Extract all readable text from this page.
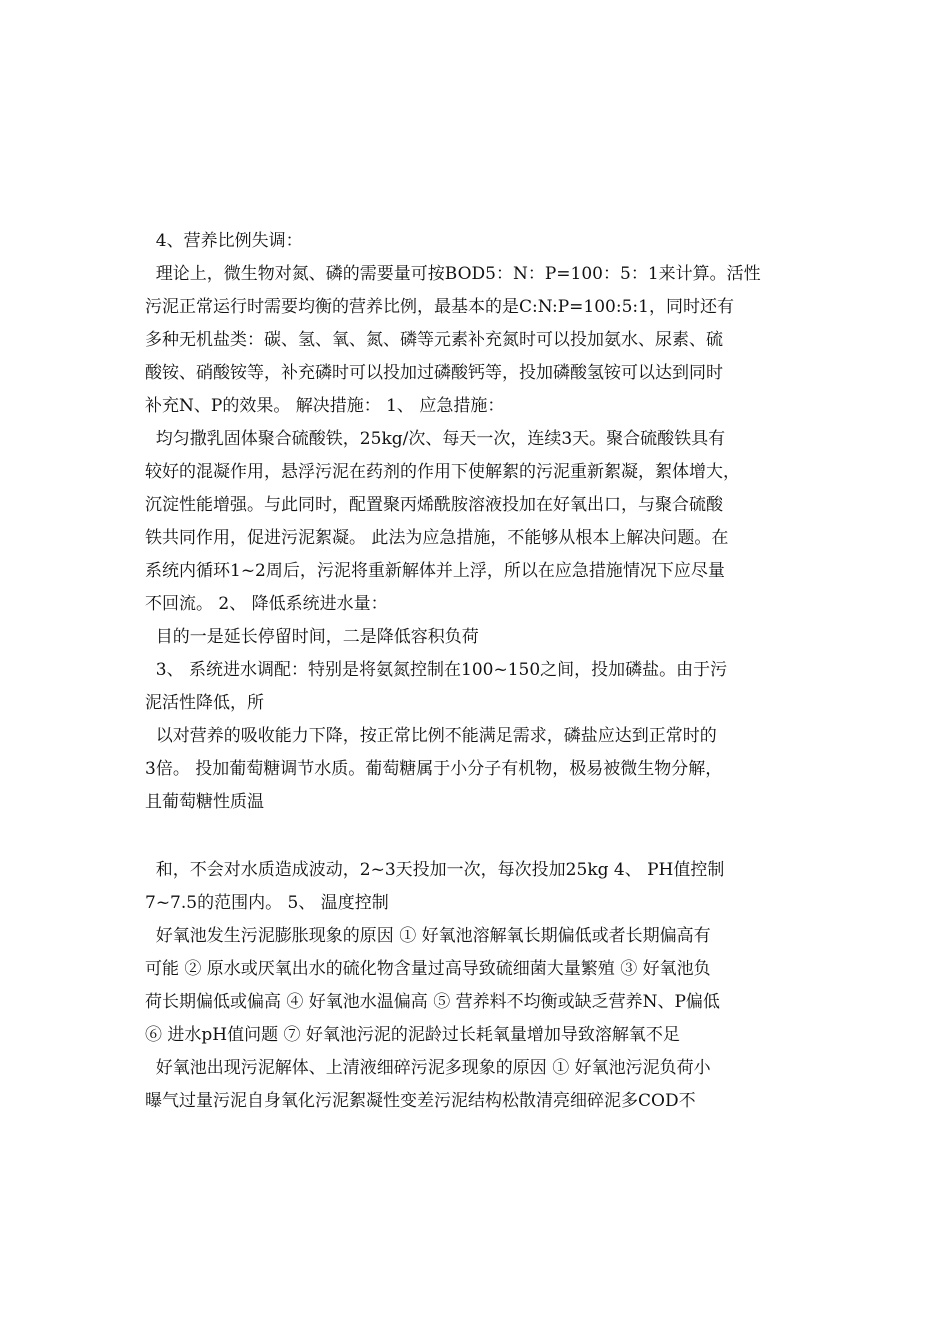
4、营养比例失调：
理论上，微生物对氮、磷的需要量可按BOD5：N：P=100：5：1来计算。活性
污泥正常运行时需要均衡的营养比例，最基本的是C:N:P=100:5:1，同时还有
多种无机盐类：碳、氢、氧、氮、磷等元素补充氮时可以投加氨水、尿素、硫
酸铵、硝酸铵等，补充磷时可以投加过磷酸钙等，投加磷酸氢铵可以达到同时
补充N、P的效果。 解决措施： 1、 应急措施：
均匀撒乳固体聚合硫酸铁，25kg/次、每天一次，连续3天。聚合硫酸铁具有
较好的混凝作用，悬浮污泥在药剂的作用下使解絮的污泥重新絮凝，絮体增大，
沉淀性能增强。与此同时，配置聚丙烯酰胺溶液投加在好氧出口，与聚合硫酸
铁共同作用，促进污泥絮凝。 此法为应急措施，不能够从根本上解决问题。在
系统内循环1~2周后，污泥将重新解体并上浮，所以在应急措施情况下应尽量
不回流。 2、 降低系统进水量：
目的一是延长停留时间，二是降低容积负荷
3、 系统进水调配：特别是将氨氮控制在100~150之间，投加磷盐。由于污
泥活性降低，所
以对营养的吸收能力下降，按正常比例不能满足需求，磷盐应达到正常时的
3倍。 投加葡萄糖调节水质。葡萄糖属于小分子有机物，极易被微生物分解，
且葡萄糖性质温
和，不会对水质造成波动，2~3天投加一次，每次投加25kg 4、 PH值控制
7~7.5的范围内。 5、 温度控制
好氧池发生污泥膨胀现象的原因 ① 好氧池溶解氧长期偏低或者长期偏高有
可能 ② 原水或厌氧出水的硫化物含量过高导致硫细菌大量繁殖 ③ 好氧池负
荷长期偏低或偏高 ④ 好氧池水温偏高 ⑤ 营养料不均衡或缺乏营养N、P偏低
⑥ 进水pH值问题 ⑦ 好氧池污泥的泥龄过长耗氧量增加导致溶解氧不足
好氧池出现污泥解体、上清液细碎污泥多现象的原因 ① 好氧池污泥负荷小
曝气过量污泥自身氧化污泥絮凝性变差污泥结构松散清亮细碎泥多COD不
